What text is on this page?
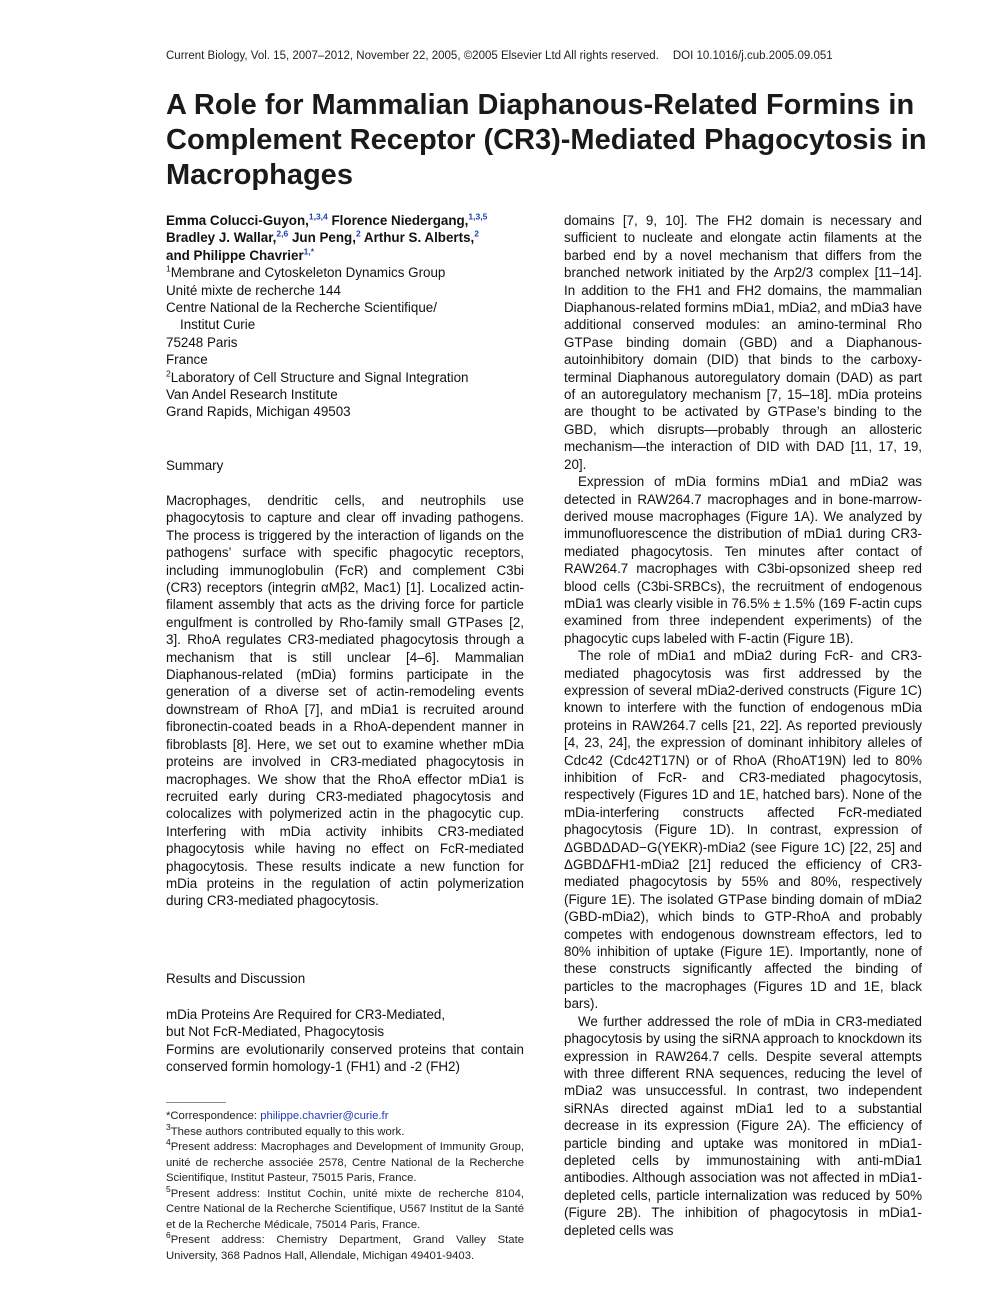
Current Biology, Vol. 15, 2007–2012, November 22, 2005, ©2005 Elsevier Ltd All rights reserved. DOI 10.1016/j.cub.2005.09.051
A Role for Mammalian Diaphanous-Related Formins in Complement Receptor (CR3)-Mediated Phagocytosis in Macrophages
Emma Colucci-Guyon,$^{1,3,4}$ Florence Niedergang,$^{1,3,5}$
Bradley J. Wallar,$^{2,6}$ Jun Peng,$^2$ Arthur S. Alberts,$^2$
and Philippe Chavrier$^{1,*}$
$^1$Membrane and Cytoskeleton Dynamics Group
Unité mixte de recherche 144
Centre National de la Recherche Scientifique/
Institut Curie
75248 Paris
France
$^2$Laboratory of Cell Structure and Signal Integration
Van Andel Research Institute
Grand Rapids, Michigan 49503
Summary

Macrophages, dendritic cells, and neutrophils use phagocytosis to capture and clear off invading pathogens. The process is triggered by the interaction of ligands on the pathogens’ surface with specific phagocytic receptors, including immunoglobulin (FcR) and complement C3bi (CR3) receptors (integrin αMβ2, Mac1) [1]. Localized actin-filament assembly that acts as the driving force for particle engulfment is controlled by Rho-family small GTPases [2, 3]. RhoA regulates CR3-mediated phagocytosis through a mechanism that is still unclear [4–6]. Mammalian Diaphanous-related (mDia) formins participate in the generation of a diverse set of actin-remodeling events downstream of RhoA [7], and mDia1 is recruited around fibronectin-coated beads in a RhoA-dependent manner in fibroblasts [8]. Here, we set out to examine whether mDia proteins are involved in CR3-mediated phagocytosis in macrophages. We show that the RhoA effector mDia1 is recruited early during CR3-mediated phagocytosis and colocalizes with polymerized actin in the phagocytic cup. Interfering with mDia activity inhibits CR3-mediated phagocytosis while having no effect on FcR-mediated phagocytosis. These results indicate a new function for mDia proteins in the regulation of actin polymerization during CR3-mediated phagocytosis.

Results and Discussion
mDia Proteins Are Required for CR3-Mediated,
but Not FcR-Mediated, Phagocytosis

Formins are evolutionarily conserved proteins that contain conserved formin homology-1 (FH1) and -2 (FH2)

*Correspondence: philippe.chavrier@curie.fr

$^3$These authors contributed equally to this work.

$^4$Present address: Macrophages and Development of Immunity Group, unité de recherche associée 2578, Centre National de la Recherche Scientifique, Institut Pasteur, 75015 Paris, France.

$^5$Present address: Institut Cochin, unité mixte de recherche 8104, Centre National de la Recherche Scientifique, U567 Institut de la Santé et de la Recherche Médicale, 75014 Paris, France.

$^6$Present address: Chemistry Department, Grand Valley State University, 368 Padnos Hall, Allendale, Michigan 49401-9403.

domains [7, 9, 10]. The FH2 domain is necessary and sufficient to nucleate and elongate actin filaments at the barbed end by a novel mechanism that differs from the branched network initiated by the Arp2/3 complex [11–14]. In addition to the FH1 and FH2 domains, the mammalian Diaphanous-related formins mDia1, mDia2, and mDia3 have additional conserved modules: an amino-terminal Rho GTPase binding domain (GBD) and a Diaphanous-autoinhibitory domain (DID) that binds to the carboxy-terminal Diaphanous autoregulatory domain (DAD) as part of an autoregulatory mechanism [7, 15–18]. mDia proteins are thought to be activated by GTPase’s binding to the GBD, which disrupts—probably through an allosteric mechanism—the interaction of DID with DAD [11, 17, 19, 20].

Expression of mDia formins mDia1 and mDia2 was detected in RAW264.7 macrophages and in bone-marrow-derived mouse macrophages (Figure 1A). We analyzed by immunofluorescence the distribution of mDia1 during CR3-mediated phagocytosis. Ten minutes after contact of RAW264.7 macrophages with C3bi-opsonized sheep red blood cells (C3bi-SRBCs), the recruitment of endogenous mDia1 was clearly visible in 76.5% ± 1.5% (169 F-actin cups examined from three independent experiments) of the phagocytic cups labeled with F-actin (Figure 1B).

The role of mDia1 and mDia2 during FcR- and CR3-mediated phagocytosis was first addressed by the expression of several mDia2-derived constructs (Figure 1C) known to interfere with the function of endogenous mDia proteins in RAW264.7 cells [21, 22]. As reported previously [4, 23, 24], the expression of dominant inhibitory alleles of Cdc42 (Cdc42T17N) or of RhoA (RhoAT19N) led to 80% inhibition of FcR- and CR3-mediated phagocytosis, respectively (Figures 1D and 1E, hatched bars). None of the mDia-interfering constructs affected FcR-mediated phagocytosis (Figure 1D). In contrast, expression of ΔGBDΔDAD−G(YEKR)-mDia2 (see Figure 1C) [22, 25] and ΔGBDΔFH1-mDia2 [21] reduced the efficiency of CR3-mediated phagocytosis by 55% and 80%, respectively (Figure 1E). The isolated GTPase binding domain of mDia2 (GBD-mDia2), which binds to GTP-RhoA and probably competes with endogenous downstream effectors, led to 80% inhibition of uptake (Figure 1E). Importantly, none of these constructs significantly affected the binding of particles to the macrophages (Figures 1D and 1E, black bars).

We further addressed the role of mDia in CR3-mediated phagocytosis by using the siRNA approach to knockdown its expression in RAW264.7 cells. Despite several attempts with three different RNA sequences, reducing the level of mDia2 was unsuccessful. In contrast, two independent siRNAs directed against mDia1 led to a substantial decrease in its expression (Figure 2A). The efficiency of particle binding and uptake was monitored in mDia1-depleted cells by immunostaining with anti-mDia1 antibodies. Although association was not affected in mDia1-depleted cells, particle internalization was reduced by 50% (Figure 2B). The inhibition of phagocytosis in mDia1-depleted cells was
